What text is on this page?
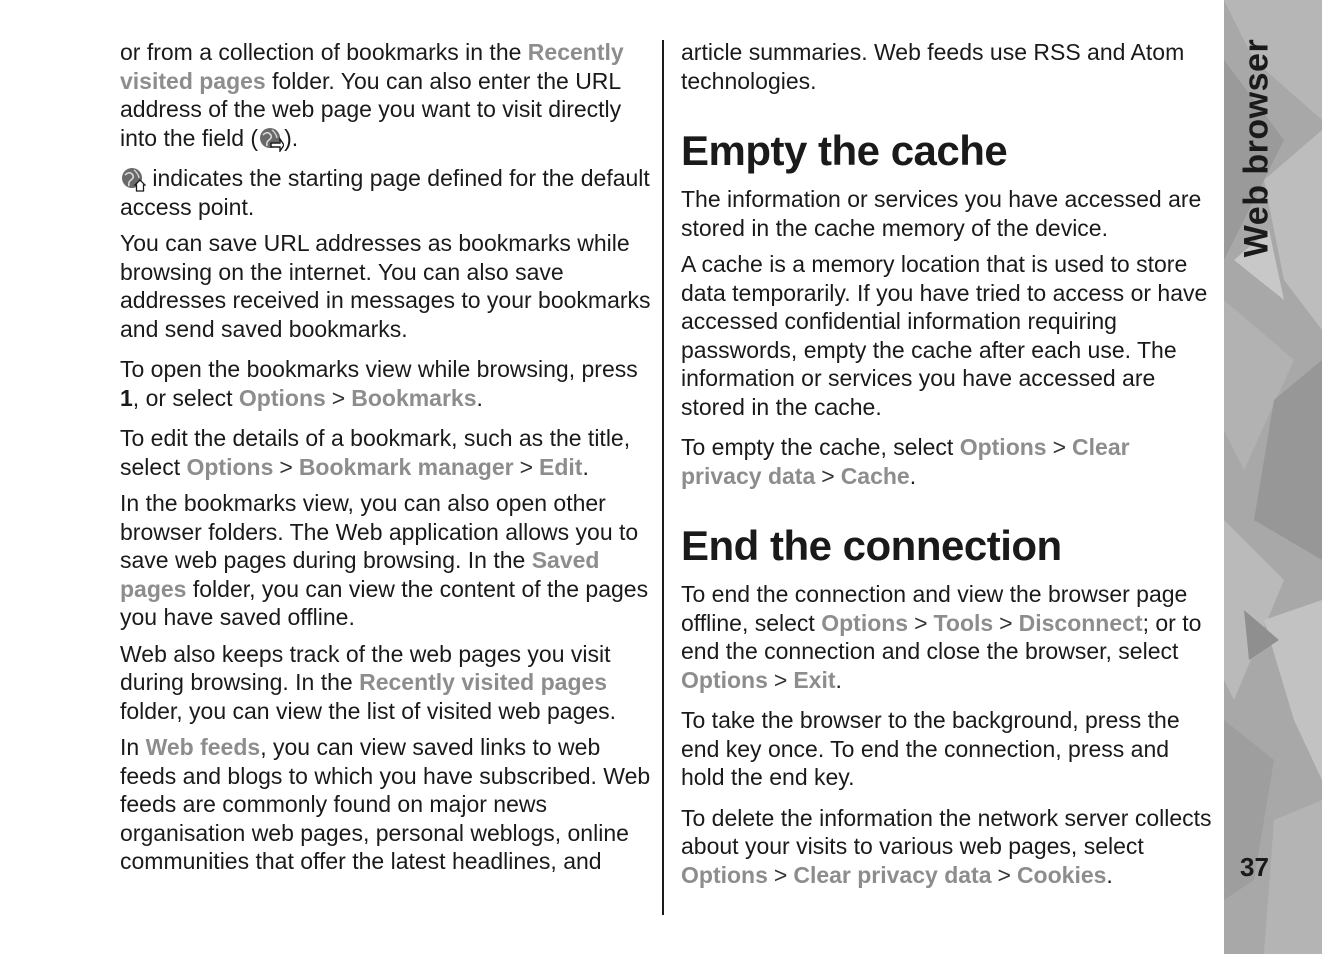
or from a collection of bookmarks in the Recently visited pages folder. You can also enter the URL address of the web page you want to visit directly into the field ( ).

indicates the starting page defined for the default access point.

You can save URL addresses as bookmarks while browsing on the internet. You can also save addresses received in messages to your bookmarks and send saved bookmarks.

To open the bookmarks view while browsing, press 1, or select Options > Bookmarks.

To edit the details of a bookmark, such as the title, select Options > Bookmark manager > Edit.

In the bookmarks view, you can also open other browser folders. The Web application allows you to save web pages during browsing. In the Saved pages folder, you can view the content of the pages you have saved offline.

Web also keeps track of the web pages you visit during browsing. In the Recently visited pages folder, you can view the list of visited web pages.

In Web feeds, you can view saved links to web feeds and blogs to which you have subscribed. Web feeds are commonly found on major news organisation web pages, personal weblogs, online communities that offer the latest headlines, and

article summaries. Web feeds use RSS and Atom technologies.

Empty the cache

The information or services you have accessed are stored in the cache memory of the device.

A cache is a memory location that is used to store data temporarily. If you have tried to access or have accessed confidential information requiring passwords, empty the cache after each use. The information or services you have accessed are stored in the cache.

To empty the cache, select Options > Clear privacy data > Cache.

End the connection

To end the connection and view the browser page offline, select Options > Tools > Disconnect; or to end the connection and close the browser, select Options > Exit.

To take the browser to the background, press the end key once. To end the connection, press and hold the end key.

To delete the information the network server collects about your visits to various web pages, select Options > Clear privacy data > Cookies.

Web browser
37
